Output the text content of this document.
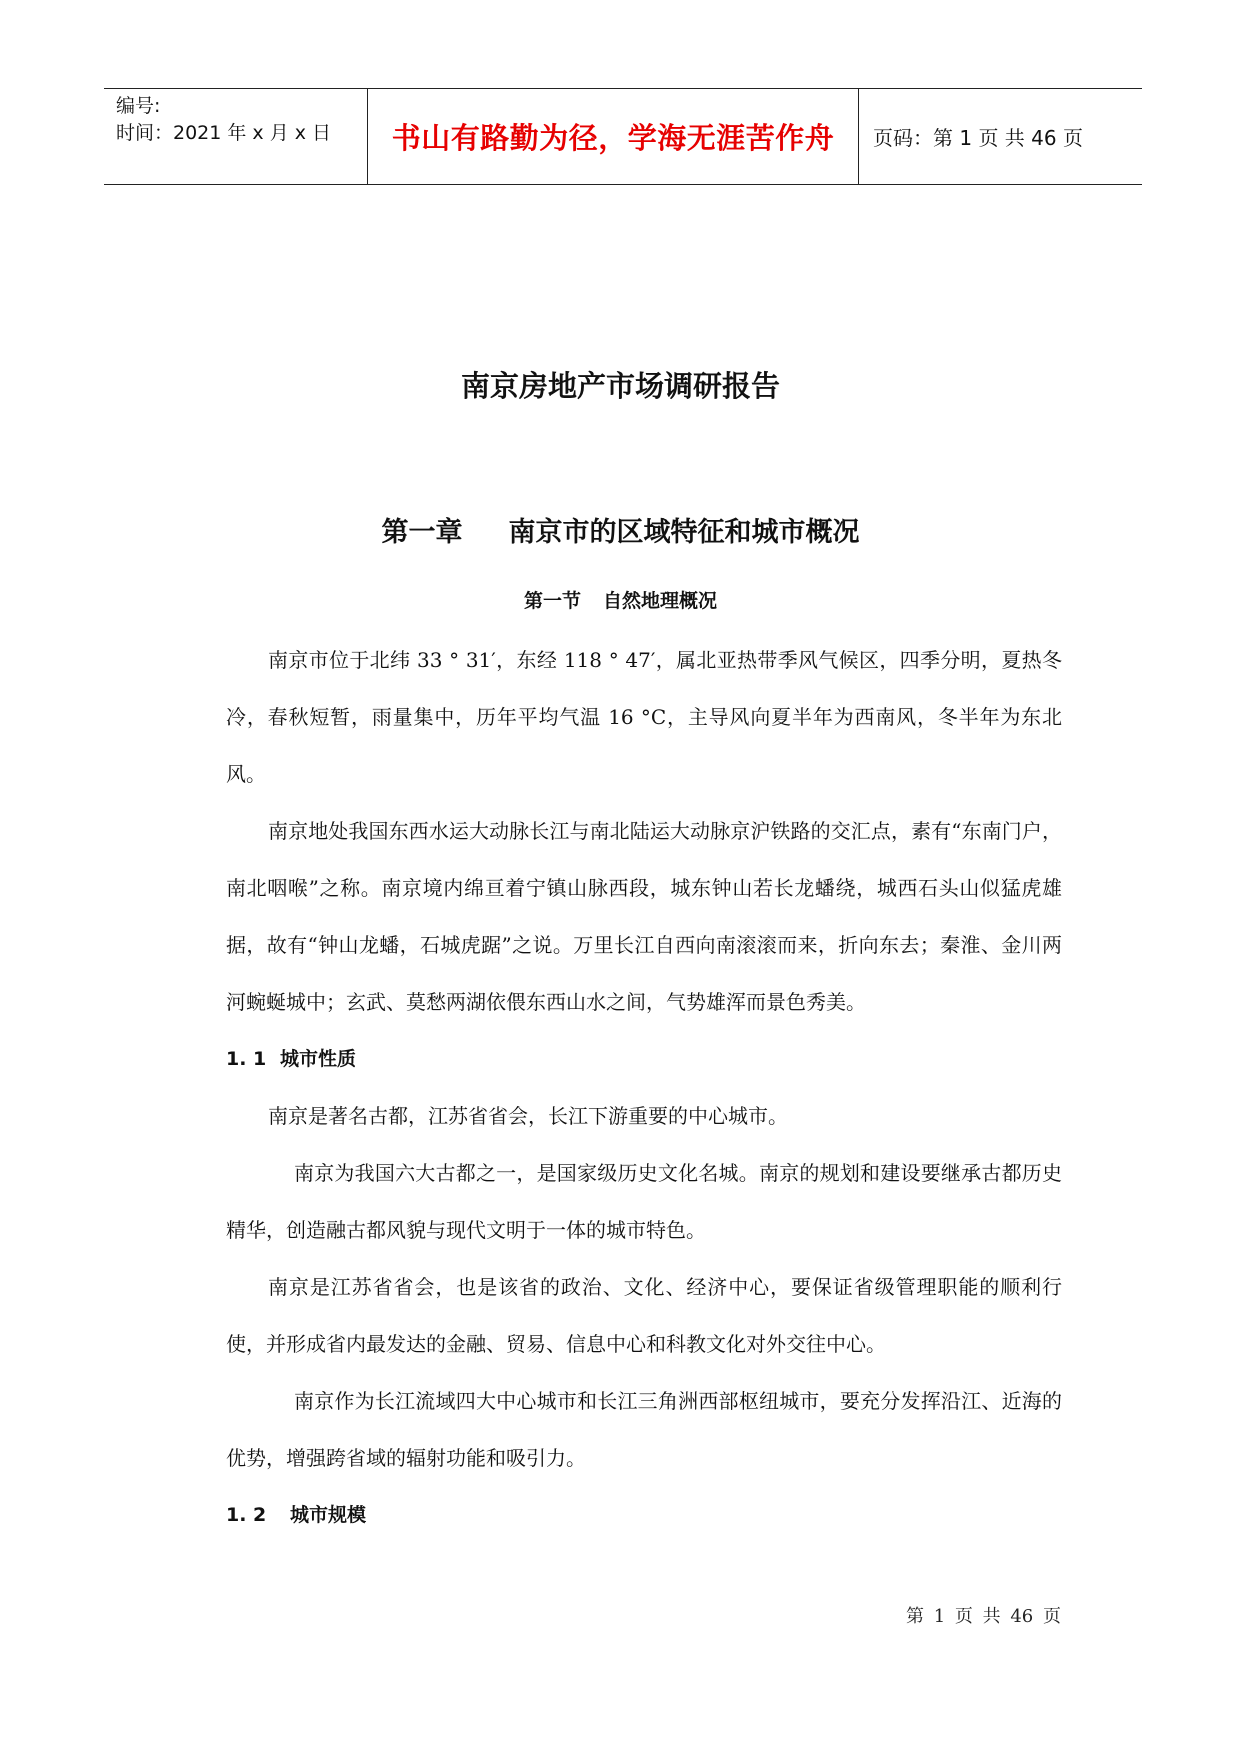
编号:
时间：2021 年 x 月 x 日	书山有路勤为径，学海无涯苦作舟	页码：第 1 页 共 46 页
南京房地产市场调研报告
第一章 南京市的区域特征和城市概况
第一节 自然地理概况

南京市位于北纬 33 ° 31′，东经 118 ° 47′，属北亚热带季风气候区，四季分明，夏热冬冷，春秋短暂，雨量集中，历年平均气温 16 °C，主导风向夏半年为西南风，冬半年为东北风。

南京地处我国东西水运大动脉长江与南北陆运大动脉京沪铁路的交汇点，素有“东南门户，南北咽喉”之称。南京境内绵亘着宁镇山脉西段，城东钟山若长龙蟠绕，城西石头山似猛虎雄据，故有“钟山龙蟠，石城虎踞”之说。万里长江自西向南滚滚而来，折向东去；秦淮、金川两河蜿蜒城中；玄武、莫愁两湖依偎东西山水之间，气势雄浑而景色秀美。

1. 1 城市性质

南京是著名古都，江苏省省会，长江下游重要的中心城市。

南京为我国六大古都之一，是国家级历史文化名城。南京的规划和建设要继承古都历史精华，创造融古都风貌与现代文明于一体的城市特色。

南京是江苏省省会，也是该省的政治、文化、经济中心，要保证省级管理职能的顺利行使，并形成省内最发达的金融、贸易、信息中心和科教文化对外交往中心。

南京作为长江流域四大中心城市和长江三角洲西部枢纽城市，要充分发挥沿江、近海的优势，增强跨省域的辐射功能和吸引力。

1. 2 城市规模
第 1 页 共 46 页
